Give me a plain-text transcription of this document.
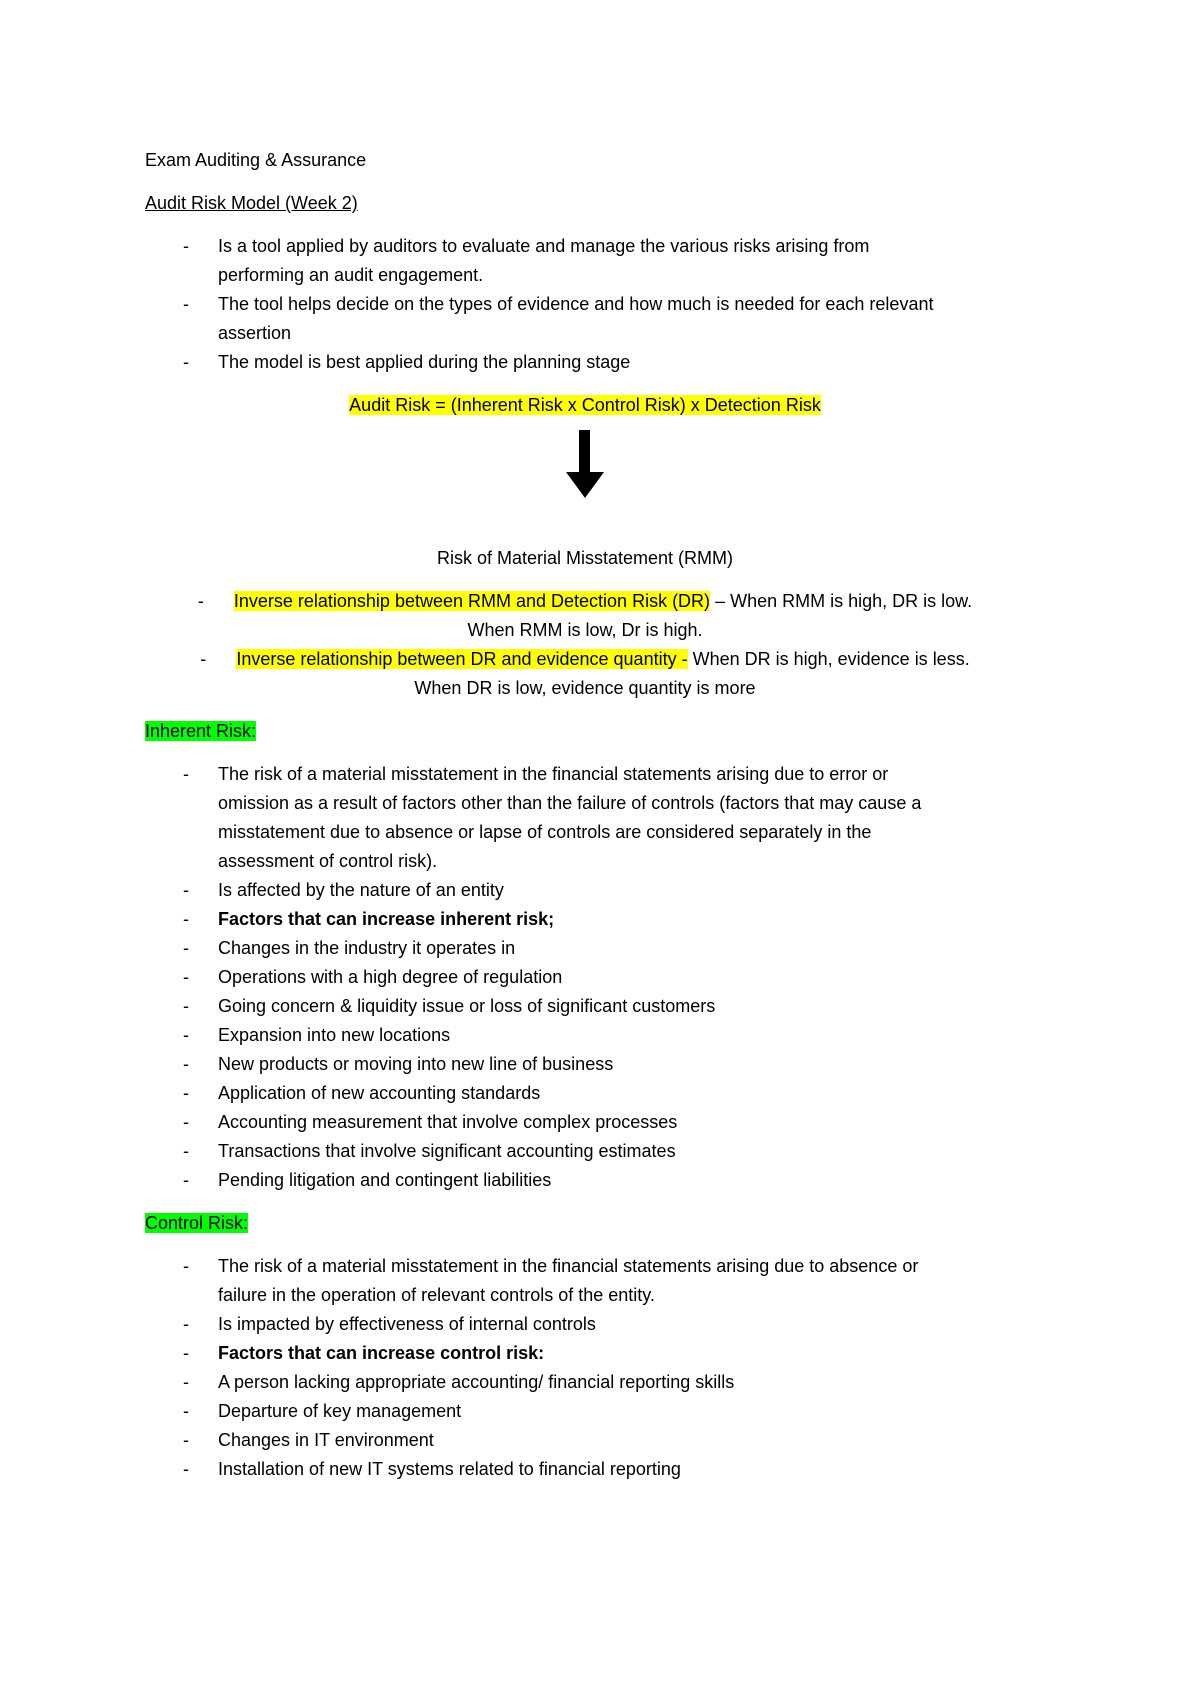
Exam Auditing & Assurance
Audit Risk Model (Week 2)
- Is a tool applied by auditors to evaluate and manage the various risks arising from
performing an audit engagement.
- The tool helps decide on the types of evidence and how much is needed for each relevant
assertion
- The model is best applied during the planning stage
Audit Risk = (Inherent Risk x Control Risk) x Detection Risk
Risk of Material Misstatement (RMM)
- Inverse relationship between RMM and Detection Risk (DR) – When RMM is high, DR is low.
When RMM is low, Dr is high.
- Inverse relationship between DR and evidence quantity - When DR is high, evidence is less.
When DR is low, evidence quantity is more
Inherent Risk:
- The risk of a material misstatement in the financial statements arising due to error or
omission as a result of factors other than the failure of controls (factors that may cause a
misstatement due to absence or lapse of controls are considered separately in the
assessment of control risk).
- Is affected by the nature of an entity
- Factors that can increase inherent risk;
- Changes in the industry it operates in
- Operations with a high degree of regulation
- Going concern & liquidity issue or loss of significant customers
- Expansion into new locations
- New products or moving into new line of business
- Application of new accounting standards
- Accounting measurement that involve complex processes
- Transactions that involve significant accounting estimates
- Pending litigation and contingent liabilities
Control Risk:
- The risk of a material misstatement in the financial statements arising due to absence or
failure in the operation of relevant controls of the entity.
- Is impacted by effectiveness of internal controls
- Factors that can increase control risk:
- A person lacking appropriate accounting/ financial reporting skills
- Departure of key management
- Changes in IT environment
- Installation of new IT systems related to financial reporting
